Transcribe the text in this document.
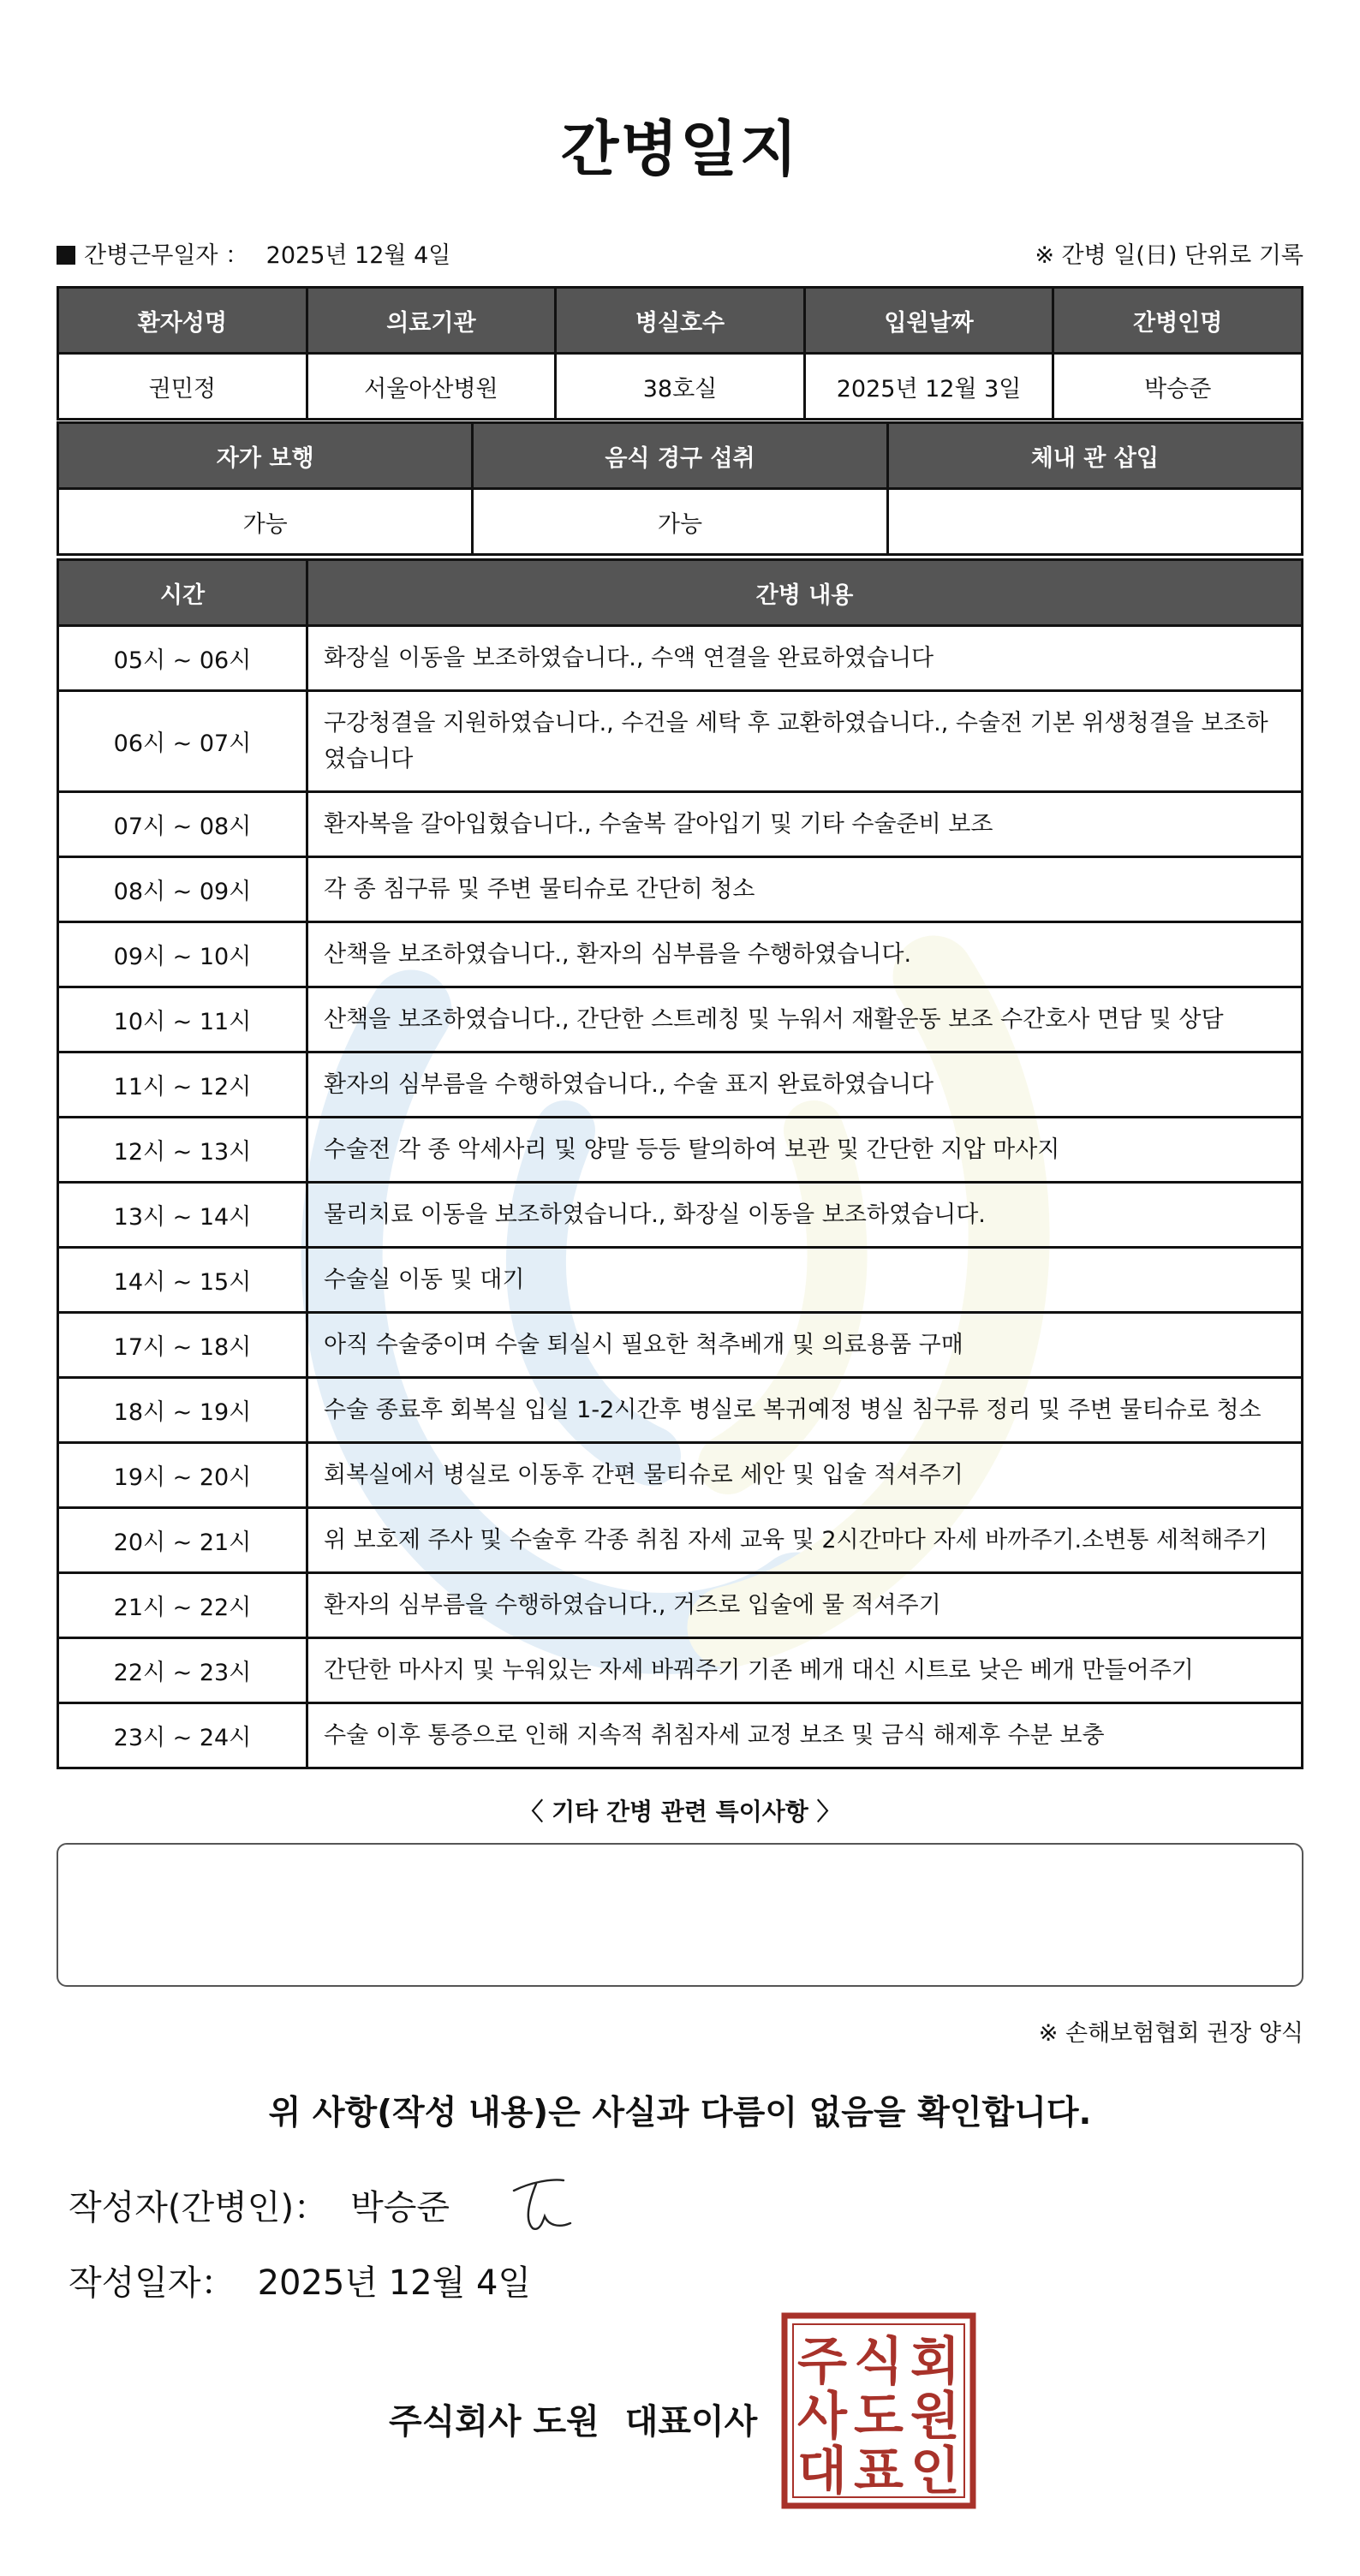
간병일지
간병근무일자 ： 2025년 12월 4일	※ 간병 일(日) 단위로 기록
환자성명	의료기관	병실호수	입원날짜	간병인명
권민정	서울아산병원	38호실	2025년 12월 3일	박승준
자가 보행	음식 경구 섭취	체내 관 삽입
가능	가능	
시간	간병 내용
05시 ~ 06시	화장실 이동을 보조하였습니다., 수액 연결을 완료하였습니다
06시 ~ 07시	구강청결을 지원하였습니다., 수건을 세탁 후 교환하였습니다., 수술전 기본 위생청결을 보조하였습니다
07시 ~ 08시	환자복을 갈아입혔습니다., 수술복 갈아입기 및 기타 수술준비 보조
08시 ~ 09시	각 종 침구류 및 주변 물티슈로 간단히 청소
09시 ~ 10시	산책을 보조하였습니다., 환자의 심부름을 수행하였습니다.
10시 ~ 11시	산책을 보조하였습니다., 간단한 스트레칭 및 누워서 재활운동 보조 수간호사 면담 및 상담
11시 ~ 12시	환자의 심부름을 수행하였습니다., 수술 표지 완료하였습니다
12시 ~ 13시	수술전 각 종 악세사리 및 양말 등등 탈의하여 보관 및 간단한 지압 마사지
13시 ~ 14시	물리치료 이동을 보조하였습니다., 화장실 이동을 보조하였습니다.
14시 ~ 15시	수술실 이동 및 대기
17시 ~ 18시	아직 수술중이며 수술 퇴실시 필요한 척추베개 및 의료용품 구매
18시 ~ 19시	수술 종료후 회복실 입실 1-2시간후 병실로 복귀예정 병실 침구류 정리 및 주변 물티슈로 청소
19시 ~ 20시	회복실에서 병실로 이동후 간편 물티슈로 세안 및 입술 적셔주기
20시 ~ 21시	위 보호제 주사 및 수술후 각종 취침 자세 교육 및 2시간마다 자세 바까주기.소변통 세척해주기
21시 ~ 22시	환자의 심부름을 수행하였습니다., 거즈로 입술에 물 적셔주기
22시 ~ 23시	간단한 마사지 및 누워있는 자세 바꿔주기 기존 베개 대신 시트로 낮은 베개 만들어주기
23시 ~ 24시	수술 이후 통증으로 인해 지속적 취침자세 교정 보조 및 금식 해제후 수분 보충
〈 기타 간병 관련 특이사항 〉
※ 손해보험협회 권장 양식
위 사항(작성 내용)은 사실과 다름이 없음을 확인합니다.
작성자(간병인)： 박승준
작성일자： 2025년 12월 4일
주식회사 도원 대표이사
주 식 회
사 도 원
대 표 인
